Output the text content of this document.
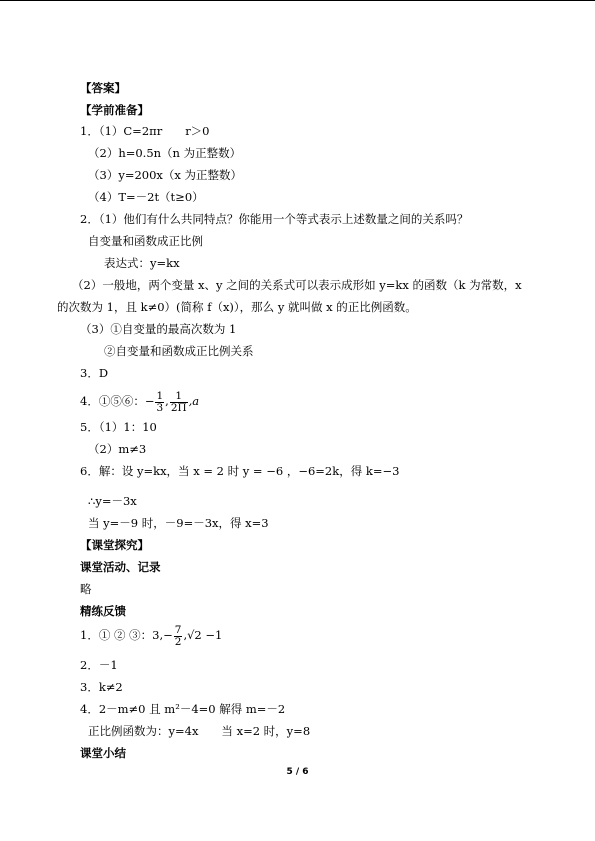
【答案】
【学前准备】
1．（1）C=2πr　　r＞0
（2）h=0.5n（n 为正整数）
（3）y=200x（x 为正整数）
（4）T=－2t（t≥0）
2．（1）他们有什么共同特点？你能用一个等式表示上述数量之间的关系吗？
自变量和函数成正比例
表达式：y=kx
（2）一般地，两个变量 x、y 之间的关系式可以表示成形如 y=kx 的函数（k 为常数，x
的次数为 1，且 k≠0）(简称 f（x)），那么 y 就叫做 x 的正比例函数。
（3）①自变量的最高次数为 1
②自变量和函数成正比例关系
3．D
4．①⑤⑥：− $\frac{1}{3}$ , $\frac{1}{2\Pi} ,a$
5．（1）1：10
（2）m≠3
6．解：设 y=kx，当 x = 2 时 y = −6 ，−6=2k，得 k=−3
∴y=－3x
当 y=－9 时，－9=－3x，得 x=3
【课堂探究】
课堂活动、记录
略
精练反馈
1．① ② ③：$3,- \frac{7}{2} ,√2 -1$
2．－1
3．k≠2
4．2－m≠0 且 m²－4=0 解得 m=－2
正比例函数为：y=4x　　当 x=2 时，y=8
课堂小结
5 / 6
